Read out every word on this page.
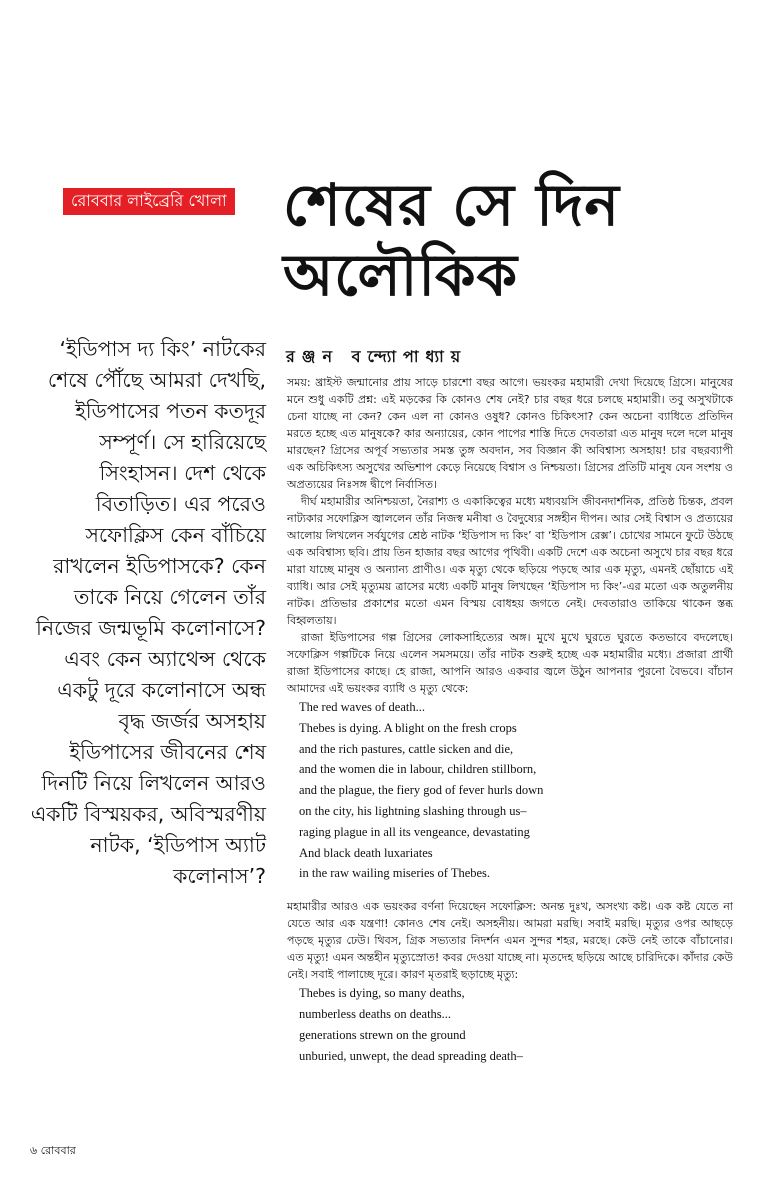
রোববার লাইব্রেরি খোলা শেষের সে দিন অলৌকিক
রঞ্জন বন্দ্যোপাধ্যায়

‘ইডিপাস দ্য কিং’ নাটকের শেষে পৌঁছে আমরা দেখছি, ইডিপাসের পতন কতদূর সম্পূর্ণ। সে হারিয়েছে সিংহাসন। দেশ থেকে বিতাড়িত। এর পরেও সফোক্লিস কেন বাঁচিয়ে রাখলেন ইডিপাসকে? কেন তাকে নিয়ে গেলেন তাঁর নিজের জন্মভূমি কলোনাসে? এবং কেন অ্যাথেন্স থেকে একটু দূরে কলোনাসে অন্ধ বৃদ্ধ জর্জর অসহায় ইডিপাসের জীবনের শেষ দিনটি নিয়ে লিখলেন আরও একটি বিস্ময়কর, অবিস্মরণীয় নাটক, ‘ইডিপাস অ্যাট কলোনাস’?

সময়: খ্রাইস্ট জন্মানোর প্রায় সাড়ে চারশো বছর আগে। ভয়ংকর মহামারী দেখা দিয়েছে গ্রিসে। মানুষের মনে শুধু একটি প্রশ্ন: এই মড়কের কি কোনও শেষ নেই? চার বছর ধরে চলছে মহামারী। তবু অসুখটাকে চেনা যাচ্ছে না কেন? কেন এল না কোনও ওষুধ? কোনও চিকিৎসা? কেন অচেনা ব্যাধিতে প্রতিদিন মরতে হচ্ছে এত মানুষকে? কার অন্যায়ের, কোন পাপের শাস্তি দিতে দেবতারা এত মানুষ দলে দলে মানুষ মারছেন? গ্রিসের অপূর্ব সভ্যতার সমস্ত তুঙ্গ অবদান, সব বিজ্ঞান কী অবিশ্বাস্য অসহায়! চার বছরব্যাপী এক অচিকিৎস্য অসুখের অভিশাপ কেড়ে নিয়েছে বিশ্বাস ও নিশ্চয়তা। গ্রিসের প্রতিটি মানুষ যেন সংশয় ও অপ্রত্যয়ের নিঃসঙ্গ দ্বীপে নির্বাসিত।

দীর্ঘ মহামারীর অনিশ্চয়তা, নৈরাশ্য ও একাকিত্বের মধ্যে মধ্যবয়সি জীবনদার্শনিক, প্রতিষ্ঠ চিন্তক, প্রবল নাট্যকার সফোক্লিস জ্বাললেন তাঁর নিজস্ব মনীষা ও বৈদুষ্যের সঙ্গহীন দীপন। আর সেই বিশ্বাস ও প্রত্যয়ের আলোয় লিখলেন সর্বযুগের শ্রেষ্ঠ নাটক ‘ইডিপাস দ্য কিং’ বা ‘ইডিপাস রেক্স’। চোখের সামনে ফুটে উঠছে এক অবিশ্বাস্য ছবি। প্রায় তিন হাজার বছর আগের পৃথিবী। একটি দেশে এক অচেনা অসুখে চার বছর ধরে মারা যাচ্ছে মানুষ ও অন্যান্য প্রাণীও। এক মৃত্যু থেকে ছড়িয়ে পড়ছে আর এক মৃত্যু, এমনই ছোঁয়াচে এই ব্যাধি। আর সেই মৃত্যুময় ত্রাসের মধ্যে একটি মানুষ লিখছেন ‘ইডিপাস দ্য কিং’-এর মতো এক অতুলনীয় নাটক। প্রতিভার প্রকাশের মতো এমন বিস্ময় বোধহয় জগতে নেই। দেবতারাও তাকিয়ে থাকেন স্তব্ধ বিহ্বলতায়।

রাজা ইডিপাসের গল্প গ্রিসের লোকসাহিত্যের অঙ্গ। মুখে মুখে ঘুরতে ঘুরতে কতভাবে বদলেছে। সফোক্লিস গল্পটিকে নিয়ে এলেন সমসময়ে। তাঁর নাটক শুরুই হচ্ছে এক মহামারীর মধ্যে। প্রজারা প্রার্থী রাজা ইডিপাসের কাছে। হে রাজা, আপনি আরও একবার জ্বলে উঠুন আপনার পুরনো বৈভবে। বাঁচান আমাদের এই ভয়ংকর ব্যাধি ও মৃত্যু থেকে:

The red waves of death...
Thebes is dying. A blight on the fresh crops
and the rich pastures, cattle sicken and die,
and the women die in labour, children stillborn,
and the plague, the fiery god of fever hurls down
on the city, his lightning slashing through us–
raging plague in all its vengeance, devastating
And black death luxariates
in the raw wailing miseries of Thebes.

মহামারীর আরও এক ভয়ংকর বর্ণনা দিয়েছেন সফোক্লিস: অনন্ত দুঃখ, অসংখ্য কষ্ট। এক কষ্ট যেতে না যেতে আর এক যন্ত্রণা! কোনও শেষ নেই। অসহনীয়। আমরা মরছি। সবাই মরছি। মৃত্যুর ওপর আছড়ে পড়ছে মৃত্যুর ঢেউ। থিবস, গ্রিক সভ্যতার নিদর্শন এমন সুন্দর শহর, মরছে। কেউ নেই তাকে বাঁচানোর। এত মৃত্যু! এমন অন্তহীন মৃত্যুস্রোত! কবর দেওয়া যাচ্ছে না। মৃতদেহ ছড়িয়ে আছে চারিদিকে। কাঁদার কেউ নেই। সবাই পালাচ্ছে দূরে। কারণ মৃতরাই ছড়াচ্ছে মৃত্যু:

Thebes is dying, so many deaths,
numberless deaths on deaths...
generations strewn on the ground
unburied, unwept, the dead spreading death–
৬ রোববার
